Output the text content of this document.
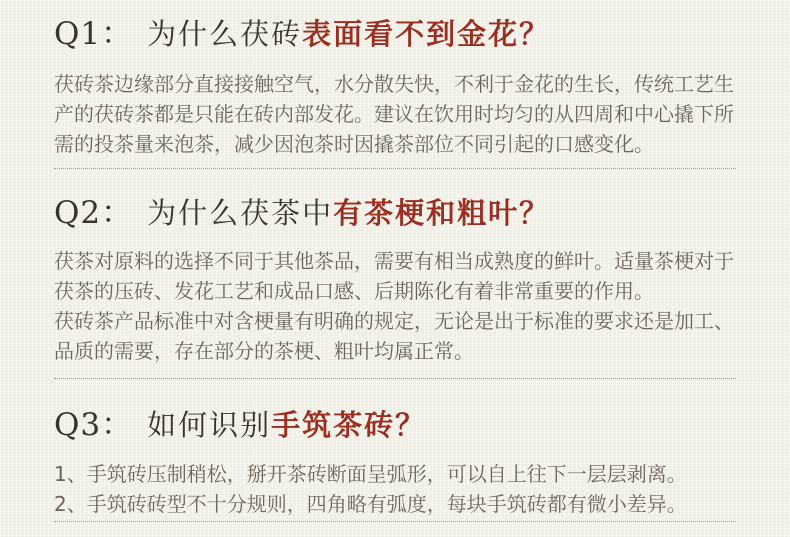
Q1： 为什么茯砖表面看不到金花？
茯砖茶边缘部分直接接触空气，水分散失快，不利于金花的生长，传统工艺生
产的茯砖茶都是只能在砖内部发花。建议在饮用时均匀的从四周和中心撬下所
需的投茶量来泡茶，减少因泡茶时因撬茶部位不同引起的口感变化。
Q2： 为什么茯茶中有茶梗和粗叶？
茯茶对原料的选择不同于其他茶品，需要有相当成熟度的鲜叶。适量茶梗对于
茯茶的压砖、发花工艺和成品口感、后期陈化有着非常重要的作用。
茯砖茶产品标准中对含梗量有明确的规定，无论是出于标准的要求还是加工、
品质的需要，存在部分的茶梗、粗叶均属正常。
Q3： 如何识别手筑茶砖？
1、手筑砖压制稍松，掰开茶砖断面呈弧形，可以自上往下一层层剥离。
2、手筑砖砖型不十分规则，四角略有弧度，每块手筑砖都有微小差异。
